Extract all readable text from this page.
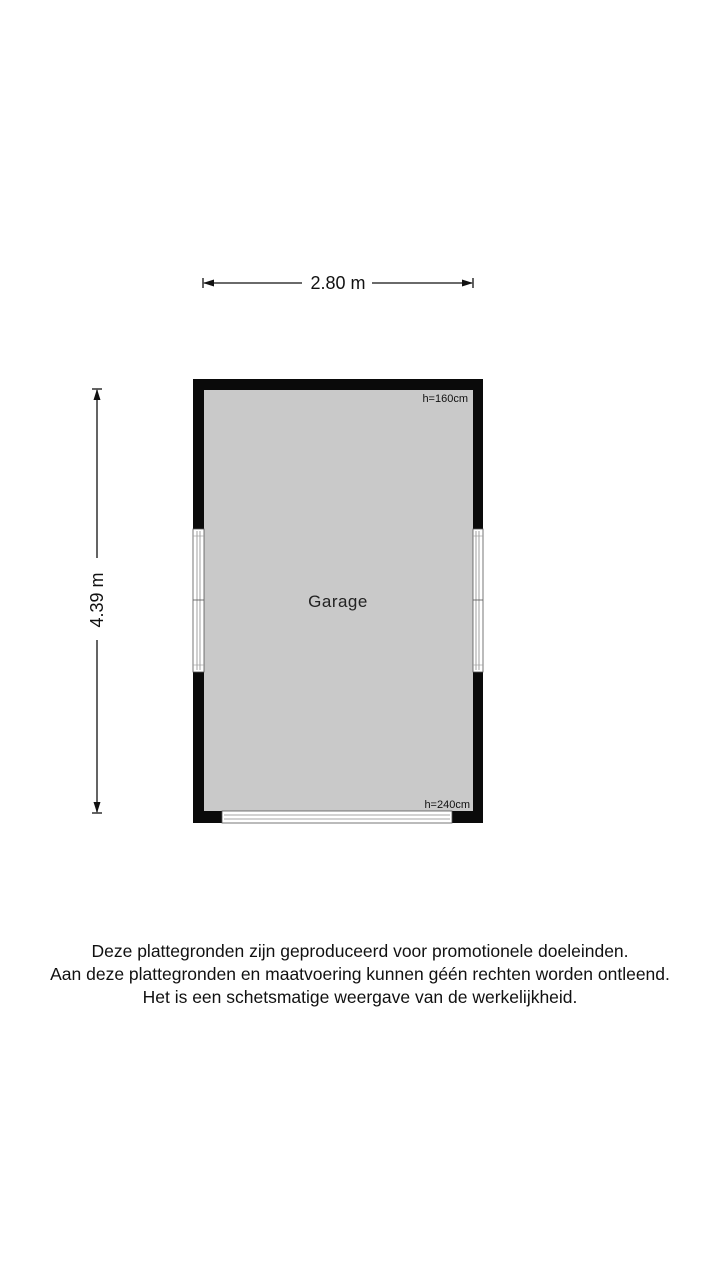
2.80 m
4.39 m	Garage
h=160cm
h=240cm
Deze plattegronden zijn geproduceerd voor promotionele doeleinden.
Aan deze plattegronden en maatvoering kunnen géén rechten worden ontleend.
Het is een schetsmatige weergave van de werkelijkheid.
